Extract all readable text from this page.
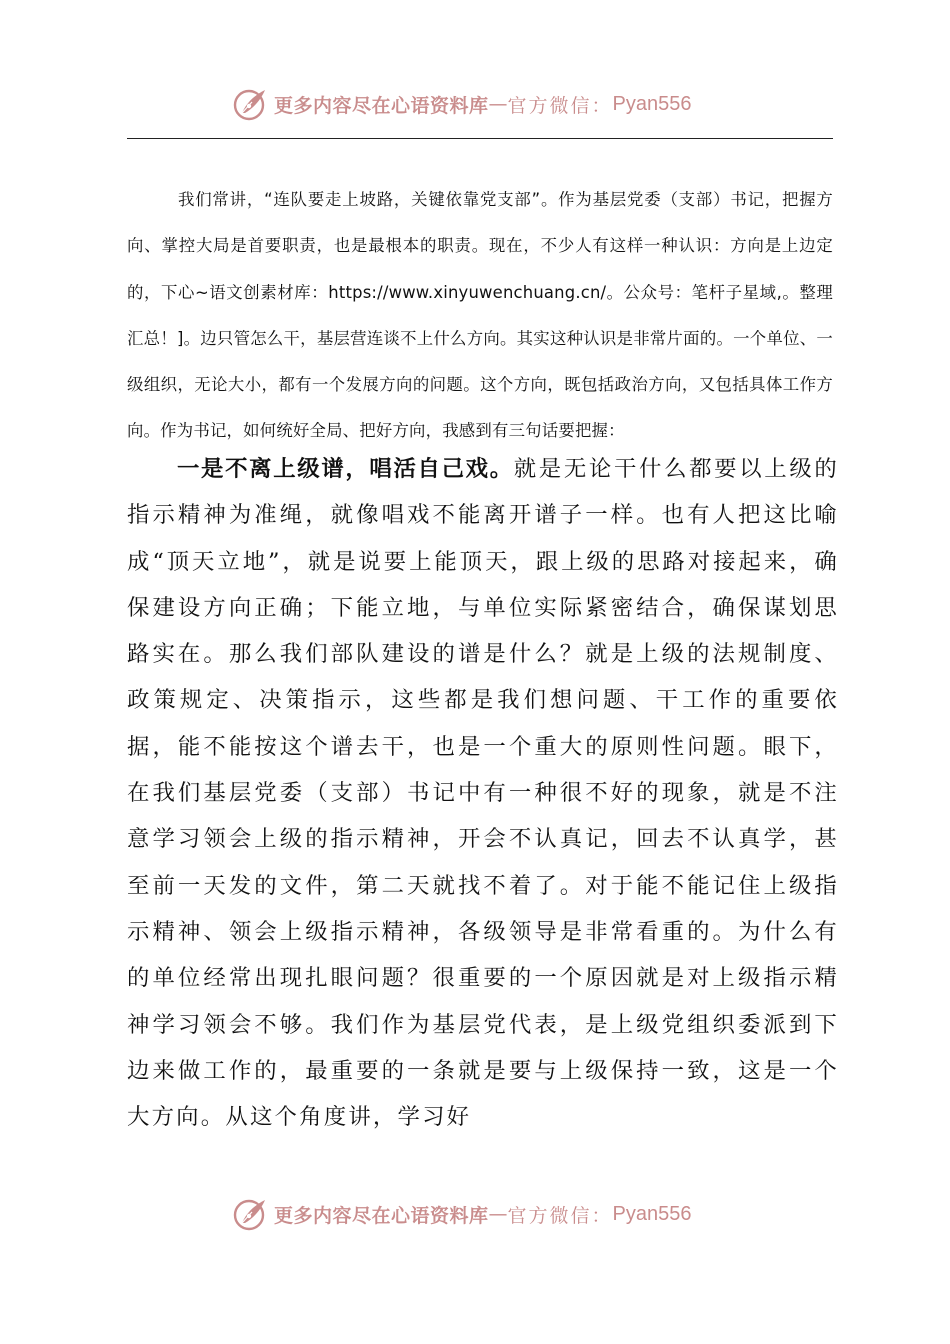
更多内容尽在心语资料库 — 官方微信： Pyan556

我们常讲，“连队要走上坡路，关键依靠党支部”。作为基层党委（支部）书记，把握方向、掌控大局是首要职责，也是最根本的职责。现在，不少人有这样一种认识：方向是上边定的，下心~语文创素材库：https://www.xinyuwenchuang.cn/。公众号：笔杆子星域,。整理汇总！]。边只管怎么干，基层营连谈不上什么方向。其实这种认识是非常片面的。一个单位、一级组织，无论大小，都有一个发展方向的问题。这个方向，既包括政治方向，又包括具体工作方向。作为书记，如何统好全局、把好方向，我感到有三句话要把握：

一是不离上级谱，唱活自己戏。就是无论干什么都要以上级的指示精神为准绳，就像唱戏不能离开谱子一样。也有人把这比喻成“顶天立地”，就是说要上能顶天，跟上级的思路对接起来，确保建设方向正确；下能立地，与单位实际紧密结合，确保谋划思路实在。那么我们部队建设的谱是什么？就是上级的法规制度、政策规定、决策指示，这些都是我们想问题、干工作的重要依据，能不能按这个谱去干，也是一个重大的原则性问题。眼下，在我们基层党委（支部）书记中有一种很不好的现象，就是不注意学习领会上级的指示精神，开会不认真记，回去不认真学，甚至前一天发的文件，第二天就找不着了。对于能不能记住上级指示精神、领会上级指示精神，各级领导是非常看重的。为什么有的单位经常出现扎眼问题？很重要的一个原因就是对上级指示精神学习领会不够。我们作为基层党代表，是上级党组织委派到下边来做工作的，最重要的一条就是要与上级保持一致，这是一个大方向。从这个角度讲，学习好

更多内容尽在心语资料库 — 官方微信： Pyan556
